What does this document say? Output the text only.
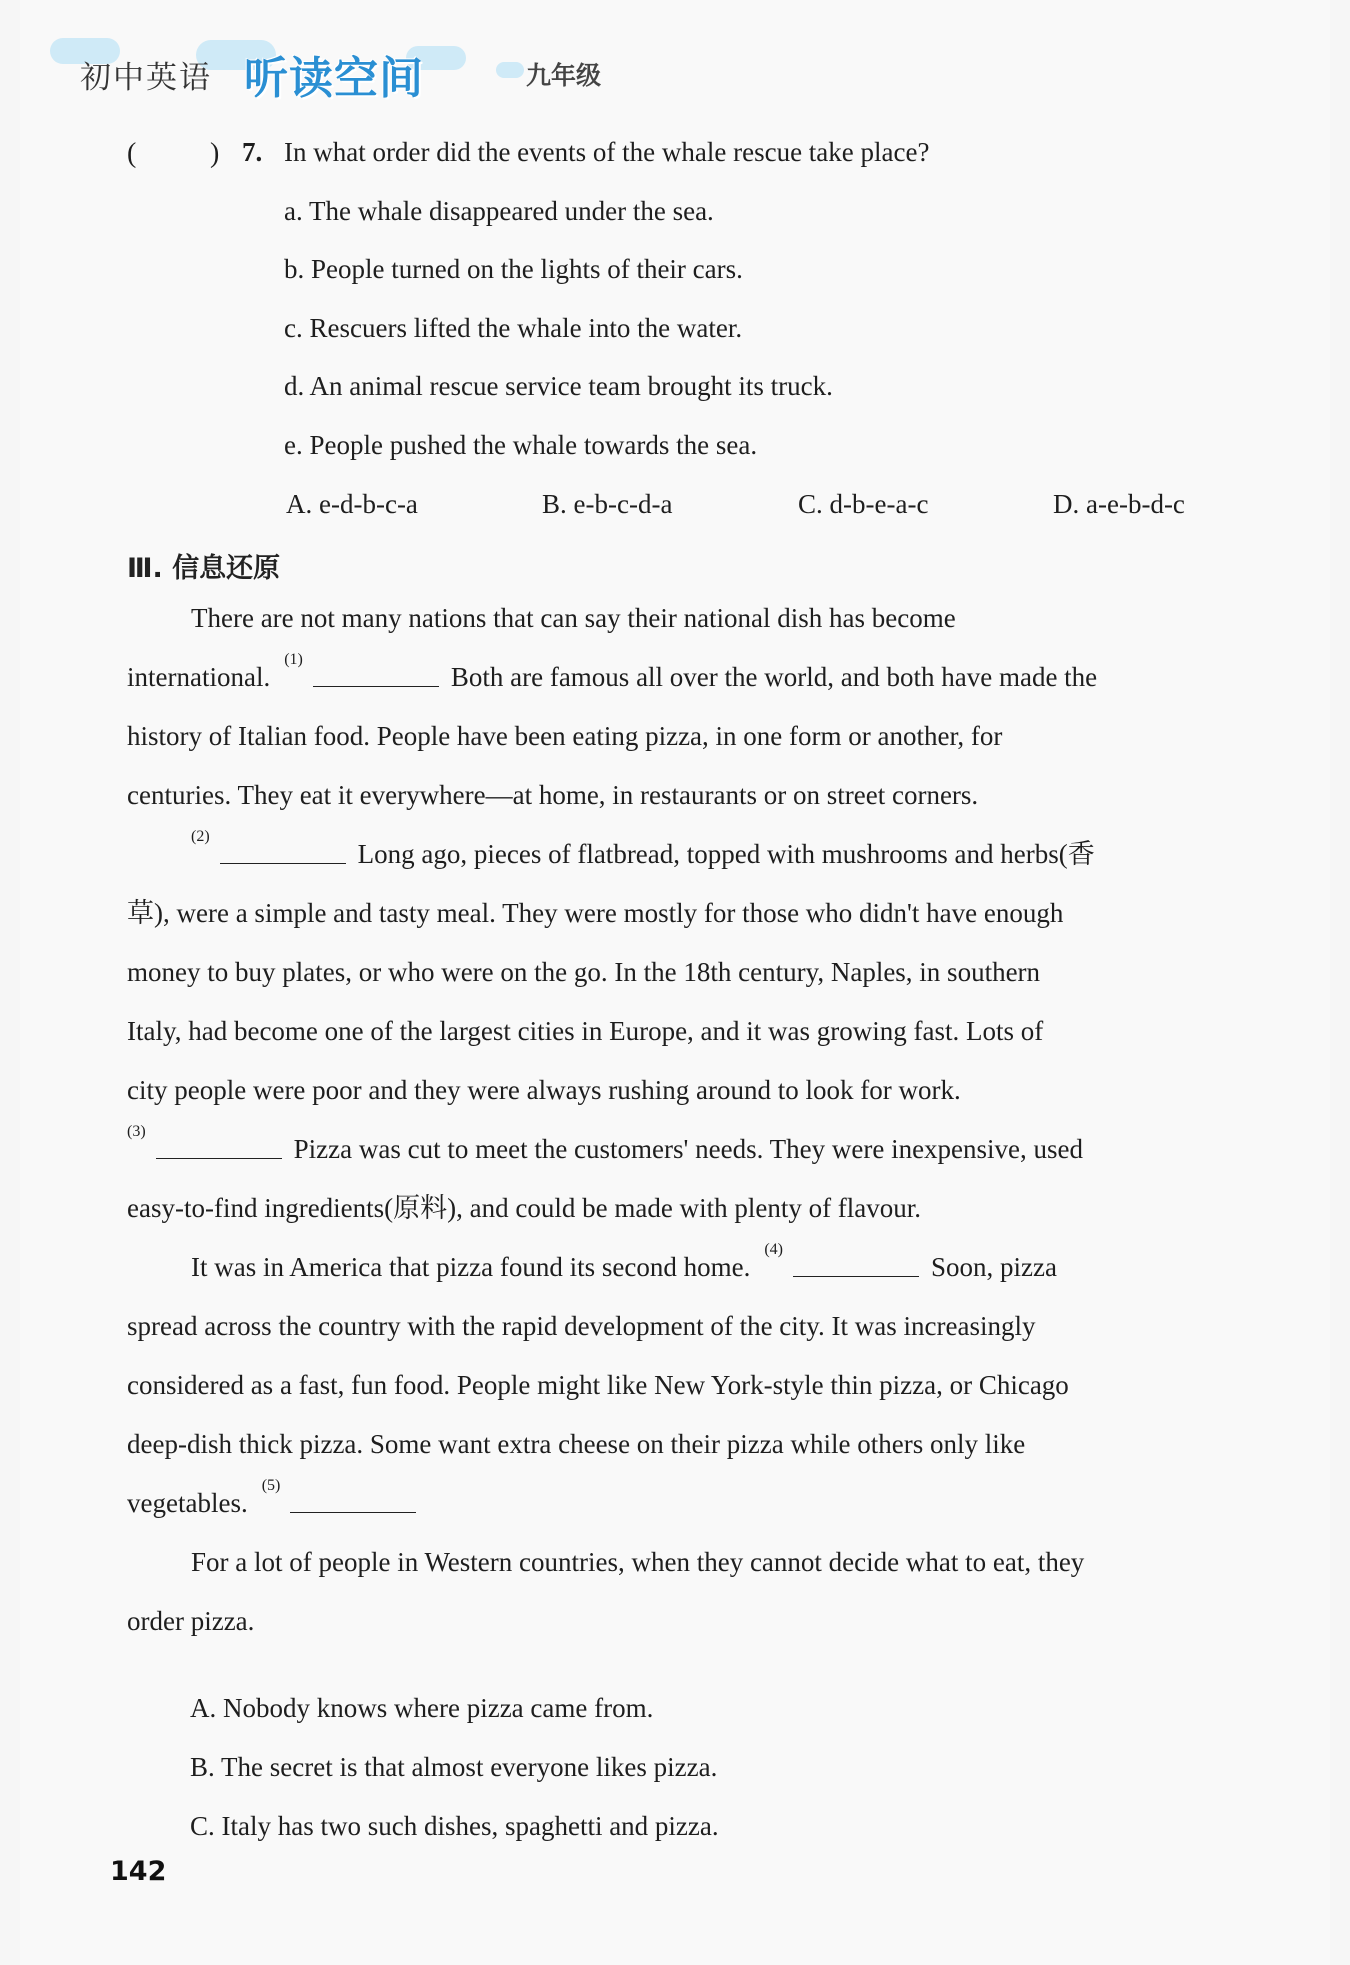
初中英语 听读空间	九年级
(	) 7. In what order did the events of the whale rescue take place?
a. The whale disappeared under the sea.
b. People turned on the lights of their cars.
c. Rescuers lifted the whale into the water.
d. An animal rescue service team brought its truck.
e. People pushed the whale towards the sea.
A. e-d-b-c-a	B. e-b-c-d-a	C. d-b-e-a-c	D. a-e-b-d-c
Ⅲ. 信息还原
There are not many nations that can say their national dish has become
international.
(1)
Both are famous all over the world, and both have made the
history of Italian food. People have been eating pizza, in one form or another, for
centuries. They eat it everywhere—at home, in restaurants or on street corners.
(2)
Long ago, pieces of flatbread, topped with mushrooms and herbs(香
草), were a simple and tasty meal. They were mostly for those who didn't have enough
money to buy plates, or who were on the go. In the 18th century, Naples, in southern
Italy, had become one of the largest cities in Europe, and it was growing fast. Lots of
city people were poor and they were always rushing around to look for work.
(3)
Pizza was cut to meet the customers' needs. They were inexpensive, used
easy-to-find ingredients(原料), and could be made with plenty of flavour.
It was in America that pizza found its second home.
(4)
Soon, pizza
spread across the country with the rapid development of the city. It was increasingly
considered as a fast, fun food. People might like New York-style thin pizza, or Chicago
deep-dish thick pizza. Some want extra cheese on their pizza while others only like
vegetables.
(5)
For a lot of people in Western countries, when they cannot decide what to eat, they
order pizza.
A. Nobody knows where pizza came from.
B. The secret is that almost everyone likes pizza.
C. Italy has two such dishes, spaghetti and pizza.
142
